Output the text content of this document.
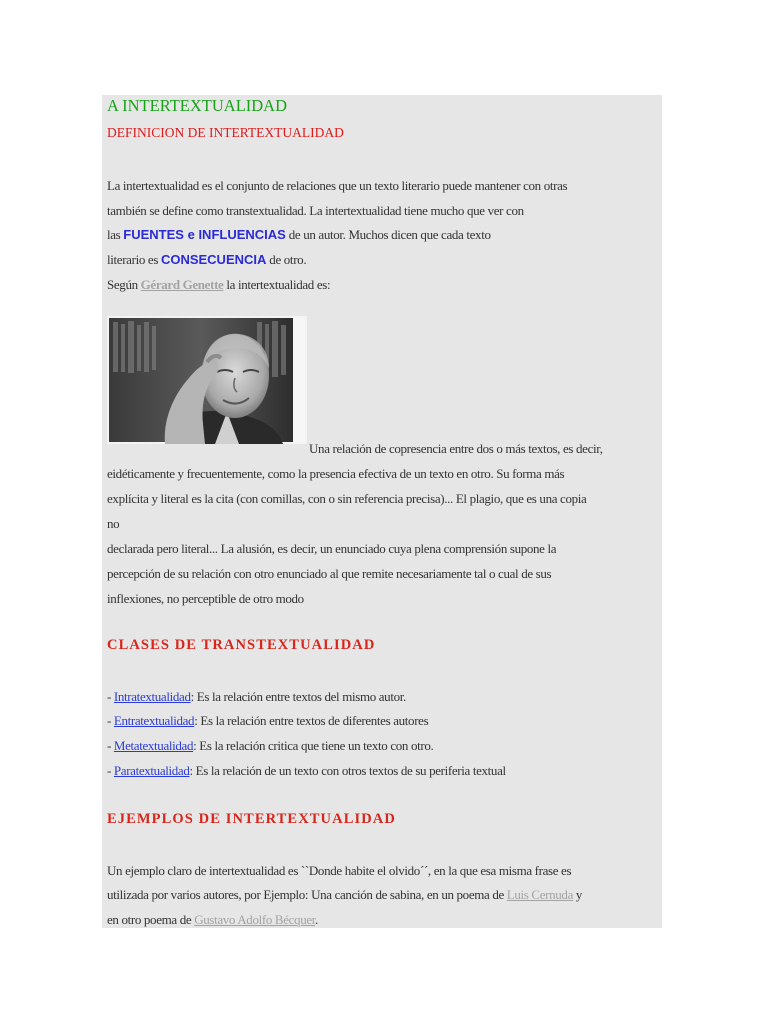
A INTERTEXTUALIDAD
DEFINICION DE INTERTEXTUALIDAD
La intertextualidad es el conjunto de relaciones que un texto literario puede mantener con otras
también se define como transtextualidad. La intertextualidad tiene mucho que ver con
las FUENTES e INFLUENCIAS de un autor. Muchos dicen que cada texto
literario es CONSECUENCIA de otro.
Según Gérard Genette la intertextualidad es:
Una relación de copresencia entre dos o más textos, es decir,
eidéticamente y frecuentemente, como la presencia efectiva de un texto en otro. Su forma más
explícita y literal es la cita (con comillas, con o sin referencia precisa)... El plagio, que es una copia
no
declarada pero literal... La alusión, es decir, un enunciado cuya plena comprensión supone la
percepción de su relación con otro enunciado al que remite necesariamente tal o cual de sus
inflexiones, no perceptible de otro modo
CLASES DE TRANSTEXTUALIDAD
- Intratextualidad: Es la relación entre textos del mismo autor.
- Entratextualidad: Es la relación entre textos de diferentes autores
- Metatextualidad: Es la relación critica que tiene un texto con otro.
- Paratextualidad: Es la relación de un texto con otros textos de su periferia textual
EJEMPLOS DE INTERTEXTUALIDAD
Un ejemplo claro de intertextualidad es ``Donde habite el olvido´´, en la que esa misma frase es
utilizada por varios autores, por Ejemplo: Una canción de sabina, en un poema de Luis Cernuda y
en otro poema de Gustavo Adolfo Bécquer.
